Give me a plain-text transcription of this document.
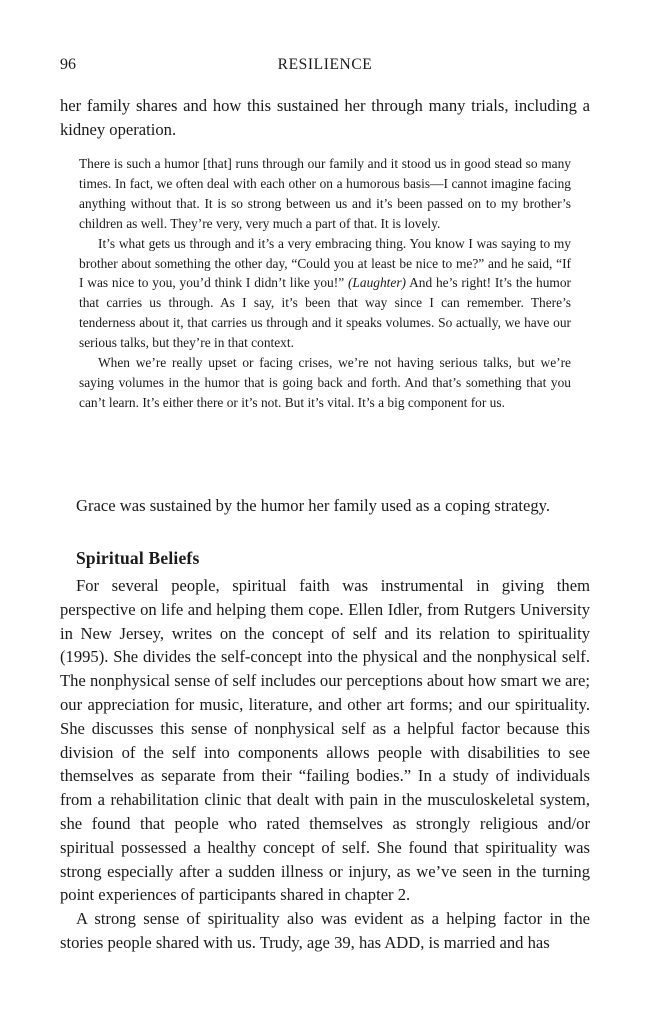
96	RESILIENCE

her family shares and how this sustained her through many trials, including a kidney operation.

There is such a humor [that] runs through our family and it stood us in good stead so many times. In fact, we often deal with each other on a humorous basis—I cannot imagine facing anything without that. It is so strong between us and it’s been passed on to my brother’s children as well. They’re very, very much a part of that. It is lovely.

It’s what gets us through and it’s a very embracing thing. You know I was saying to my brother about something the other day, “Could you at least be nice to me?” and he said, “If I was nice to you, you’d think I didn’t like you!” (Laughter) And he’s right! It’s the humor that carries us through. As I say, it’s been that way since I can remember. There’s tenderness about it, that carries us through and it speaks volumes. So actually, we have our serious talks, but they’re in that context.

When we’re really upset or facing crises, we’re not having serious talks, but we’re saying volumes in the humor that is going back and forth. And that’s something that you can’t learn. It’s either there or it’s not. But it’s vital. It’s a big component for us.

Grace was sustained by the humor her family used as a coping strategy.

Spiritual Beliefs

For several people, spiritual faith was instrumental in giving them perspective on life and helping them cope. Ellen Idler, from Rutgers University in New Jersey, writes on the concept of self and its relation to spirituality (1995). She divides the self-concept into the physical and the nonphysical self. The nonphysical sense of self includes our perceptions about how smart we are; our appreciation for music, literature, and other art forms; and our spirituality. She discusses this sense of nonphysical self as a helpful factor because this division of the self into components allows people with disabilities to see themselves as separate from their “failing bodies.” In a study of individuals from a rehabilitation clinic that dealt with pain in the musculoskeletal system, she found that people who rated themselves as strongly religious and/or spiritual possessed a healthy concept of self. She found that spirituality was strong especially after a sudden illness or injury, as we’ve seen in the turning point experiences of participants shared in chapter 2.

A strong sense of spirituality also was evident as a helping factor in the stories people shared with us. Trudy, age 39, has ADD, is married and has
